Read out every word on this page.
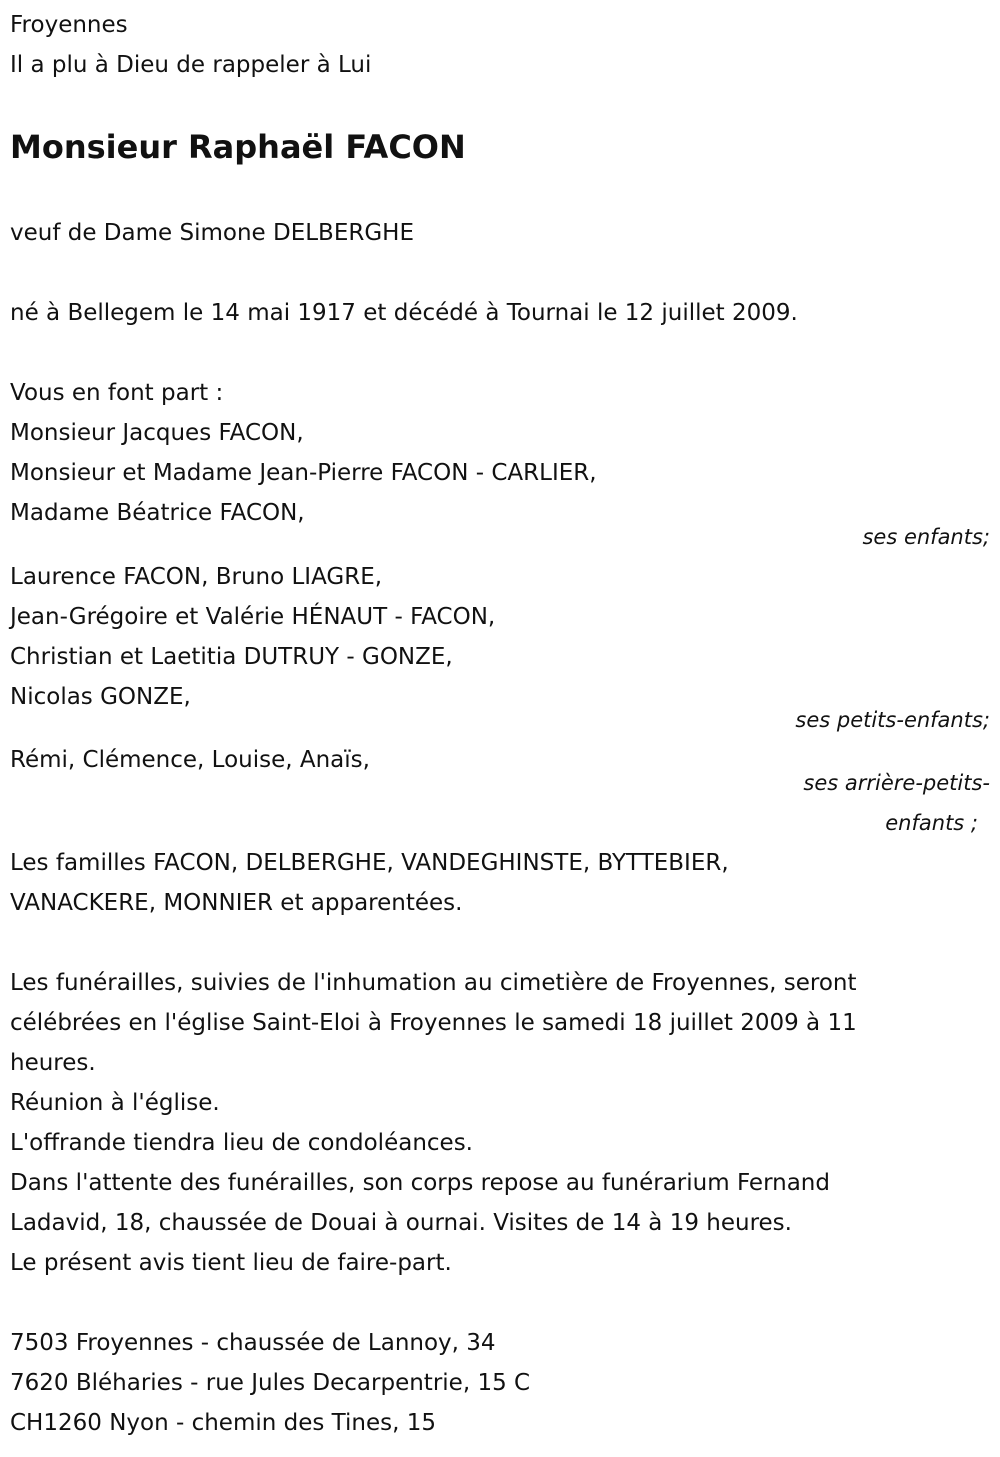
Froyennes
Il a plu à Dieu de rappeler à Lui
Monsieur Raphaël FACON
veuf de Dame Simone DELBERGHE
né à Bellegem le 14 mai 1917 et décédé à Tournai le 12 juillet 2009.
Vous en font part :
Monsieur Jacques FACON,
Monsieur et Madame Jean-Pierre FACON - CARLIER,
Madame Béatrice FACON,
ses enfants;
Laurence FACON, Bruno LIAGRE,
Jean-Grégoire et Valérie HÉNAUT - FACON,
Christian et Laetitia DUTRUY - GONZE,
Nicolas GONZE,
ses petits-enfants;
Rémi, Clémence, Louise, Anaïs,
ses arrière-petits-
enfants ;
Les familles FACON, DELBERGHE, VANDEGHINSTE, BYTTEBIER,
VANACKERE, MONNIER et apparentées.
Les funérailles, suivies de l'inhumation au cimetière de Froyennes, seront
célébrées en l'église Saint-Eloi à Froyennes le samedi 18 juillet 2009 à 11
heures.
Réunion à l'église.
L'offrande tiendra lieu de condoléances.
Dans l'attente des funérailles, son corps repose au funérarium Fernand
Ladavid, 18, chaussée de Douai à ournai. Visites de 14 à 19 heures.
Le présent avis tient lieu de faire-part.
7503 Froyennes - chaussée de Lannoy, 34
7620 Bléharies - rue Jules Decarpentrie, 15 C
CH1260 Nyon - chemin des Tines, 15
